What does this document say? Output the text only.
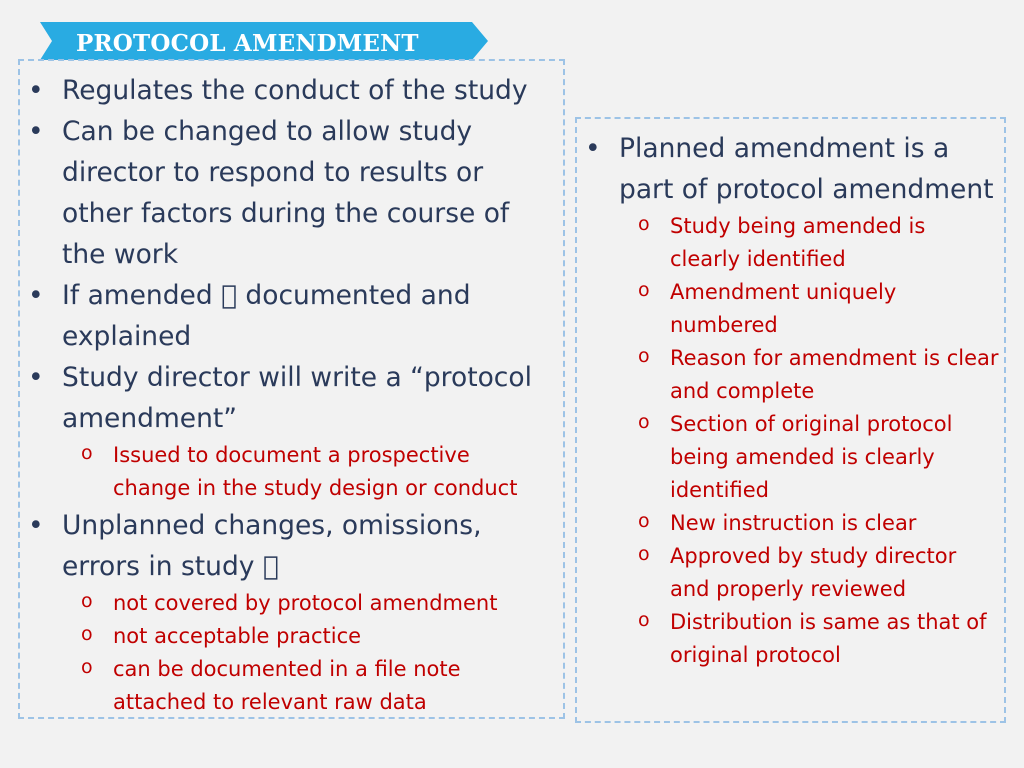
PROTOCOL AMENDMENT
• Regulates the conduct of the study
• Can be changed to allow study director to respond to results or other factors during the course of the work
• If amended documented and explained
• Study director will write a “protocol amendment”
o Issued to document a prospective change in the study design or conduct
• Unplanned changes, omissions, errors in study
o not covered by protocol amendment
o not acceptable practice
o can be documented in a file note attached to relevant raw data
• Planned amendment is a part of protocol amendment
o Study being amended is clearly identified
o Amendment uniquely numbered
o Reason for amendment is clear and complete
o Section of original protocol being amended is clearly identified
o New instruction is clear
o Approved by study director and properly reviewed
o Distribution is same as that of original protocol
